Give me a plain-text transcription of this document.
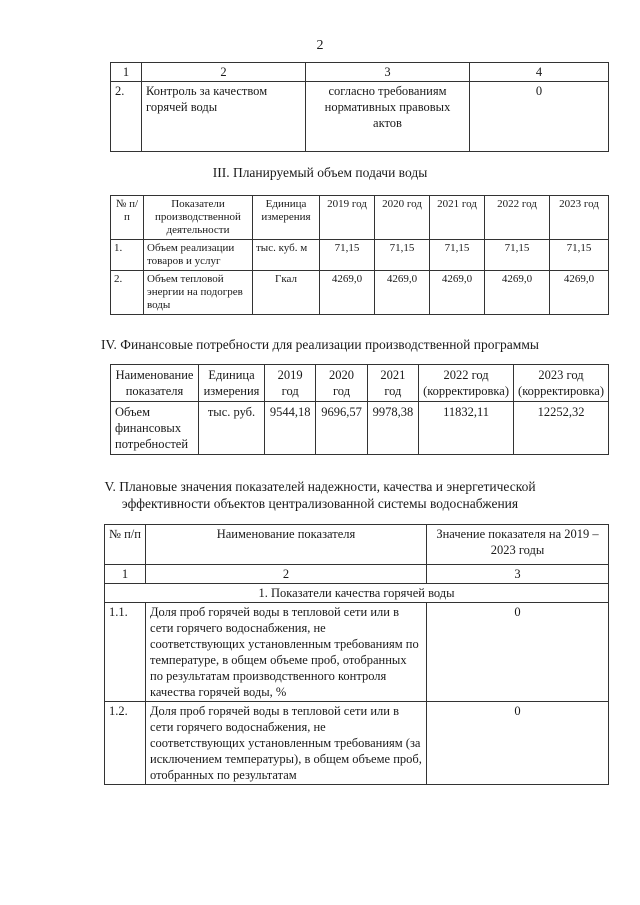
2
1	2	3	4
2.	Контроль за качеством горячей воды	согласно требованиям нормативных правовых актов	0
III. Планируемый объем подачи воды
№ п/п	Показатели производственной деятельности	Единица измерения	2019 год	2020 год	2021 год	2022 год	2023 год
1.	Объем реализации товаров и услуг	тыс. куб. м	71,15	71,15	71,15	71,15	71,15
2.	Объем тепловой энергии на подогрев воды	Гкал	4269,0	4269,0	4269,0	4269,0	4269,0
IV. Финансовые потребности для реализации производственной программы
Наименование показателя	Единица измерения	2019 год	2020 год	2021 год	2022 год (корректировка)	2023 год (корректировка)
Объем финансовых потребностей	тыс. руб.	9544,18	9696,57	9978,38	11832,11	12252,32
V. Плановые значения показателей надежности, качества и энергетической
эффективности объектов централизованной системы водоснабжения
№ п/п	Наименование показателя	Значение показателя на 2019 – 2023 годы
1	2	3
1. Показатели качества горячей воды		
1.1.	Доля проб горячей воды в тепловой сети или в сети горячего водоснабжения, не соответствующих установленным требованиям по температуре, в общем объеме проб, отобранных по результатам производственного контроля качества горячей воды, %	0
1.2.	Доля проб горячей воды в тепловой сети или в сети горячего водоснабжения, не соответствующих установленным требованиям (за исключением температуры), в общем объеме проб, отобранных по результатам	0
